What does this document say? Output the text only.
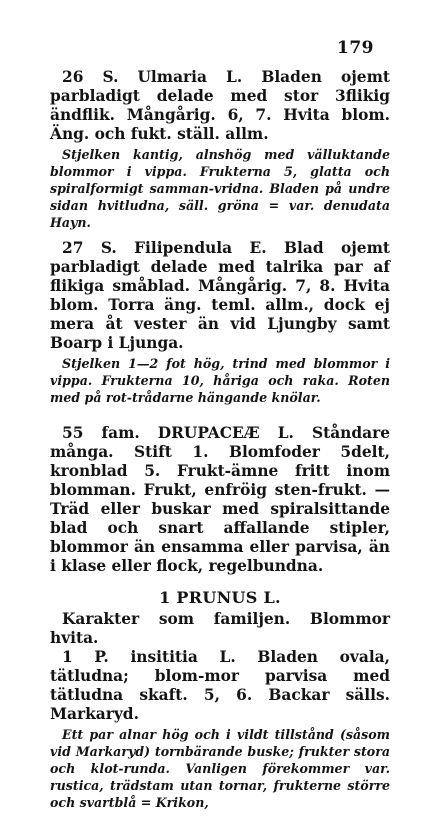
179

26 S. Ulmaria L. Bladen ojemt parbladigt delade med stor 3flikig ändflik. Mångårig. 6, 7. Hvita blom. Äng. och fukt. ställ. allm.

Stjelken kantig, alnshög med välluktande blommor i vippa. Frukterna 5, glatta och spiralformigt samman-vridna. Bladen på undre sidan hvitludna, säll. gröna = var. denudata Hayn.

27 S. Filipendula E. Blad ojemt parbladigt delade med talrika par af flikiga småblad. Mångårig. 7, 8. Hvita blom. Torra äng. teml. allm., dock ej mera åt vester än vid Ljungby samt Boarp i Ljunga.

Stjelken 1—2 fot hög, trind med blommor i vippa. Frukterna 10, håriga och raka. Roten med på rot-trådarne hängande knölar.

55 fam. DRUPACEÆ L. Ståndare många. Stift 1. Blomfoder 5delt, kronblad 5. Frukt-ämne fritt inom blomman. Frukt, enfröig sten-frukt. — Träd eller buskar med spiralsittande blad och snart affallande stipler, blommor än ensamma eller parvisa, än i klase eller flock, regelbundna.

1 PRUNUS L.

Karakter som familjen. Blommor hvita.

1 P. insititia L. Bladen ovala, tätludna; blom-mor parvisa med tätludna skaft. 5, 6. Backar sälls. Markaryd.

Ett par alnar hög och i vildt tillstånd (såsom vid Markaryd) tornbärande buske; frukter stora och klot-runda. Vanligen förekommer var. rustica, trädstam utan tornar, frukterne större och svartblå = Krikon,
